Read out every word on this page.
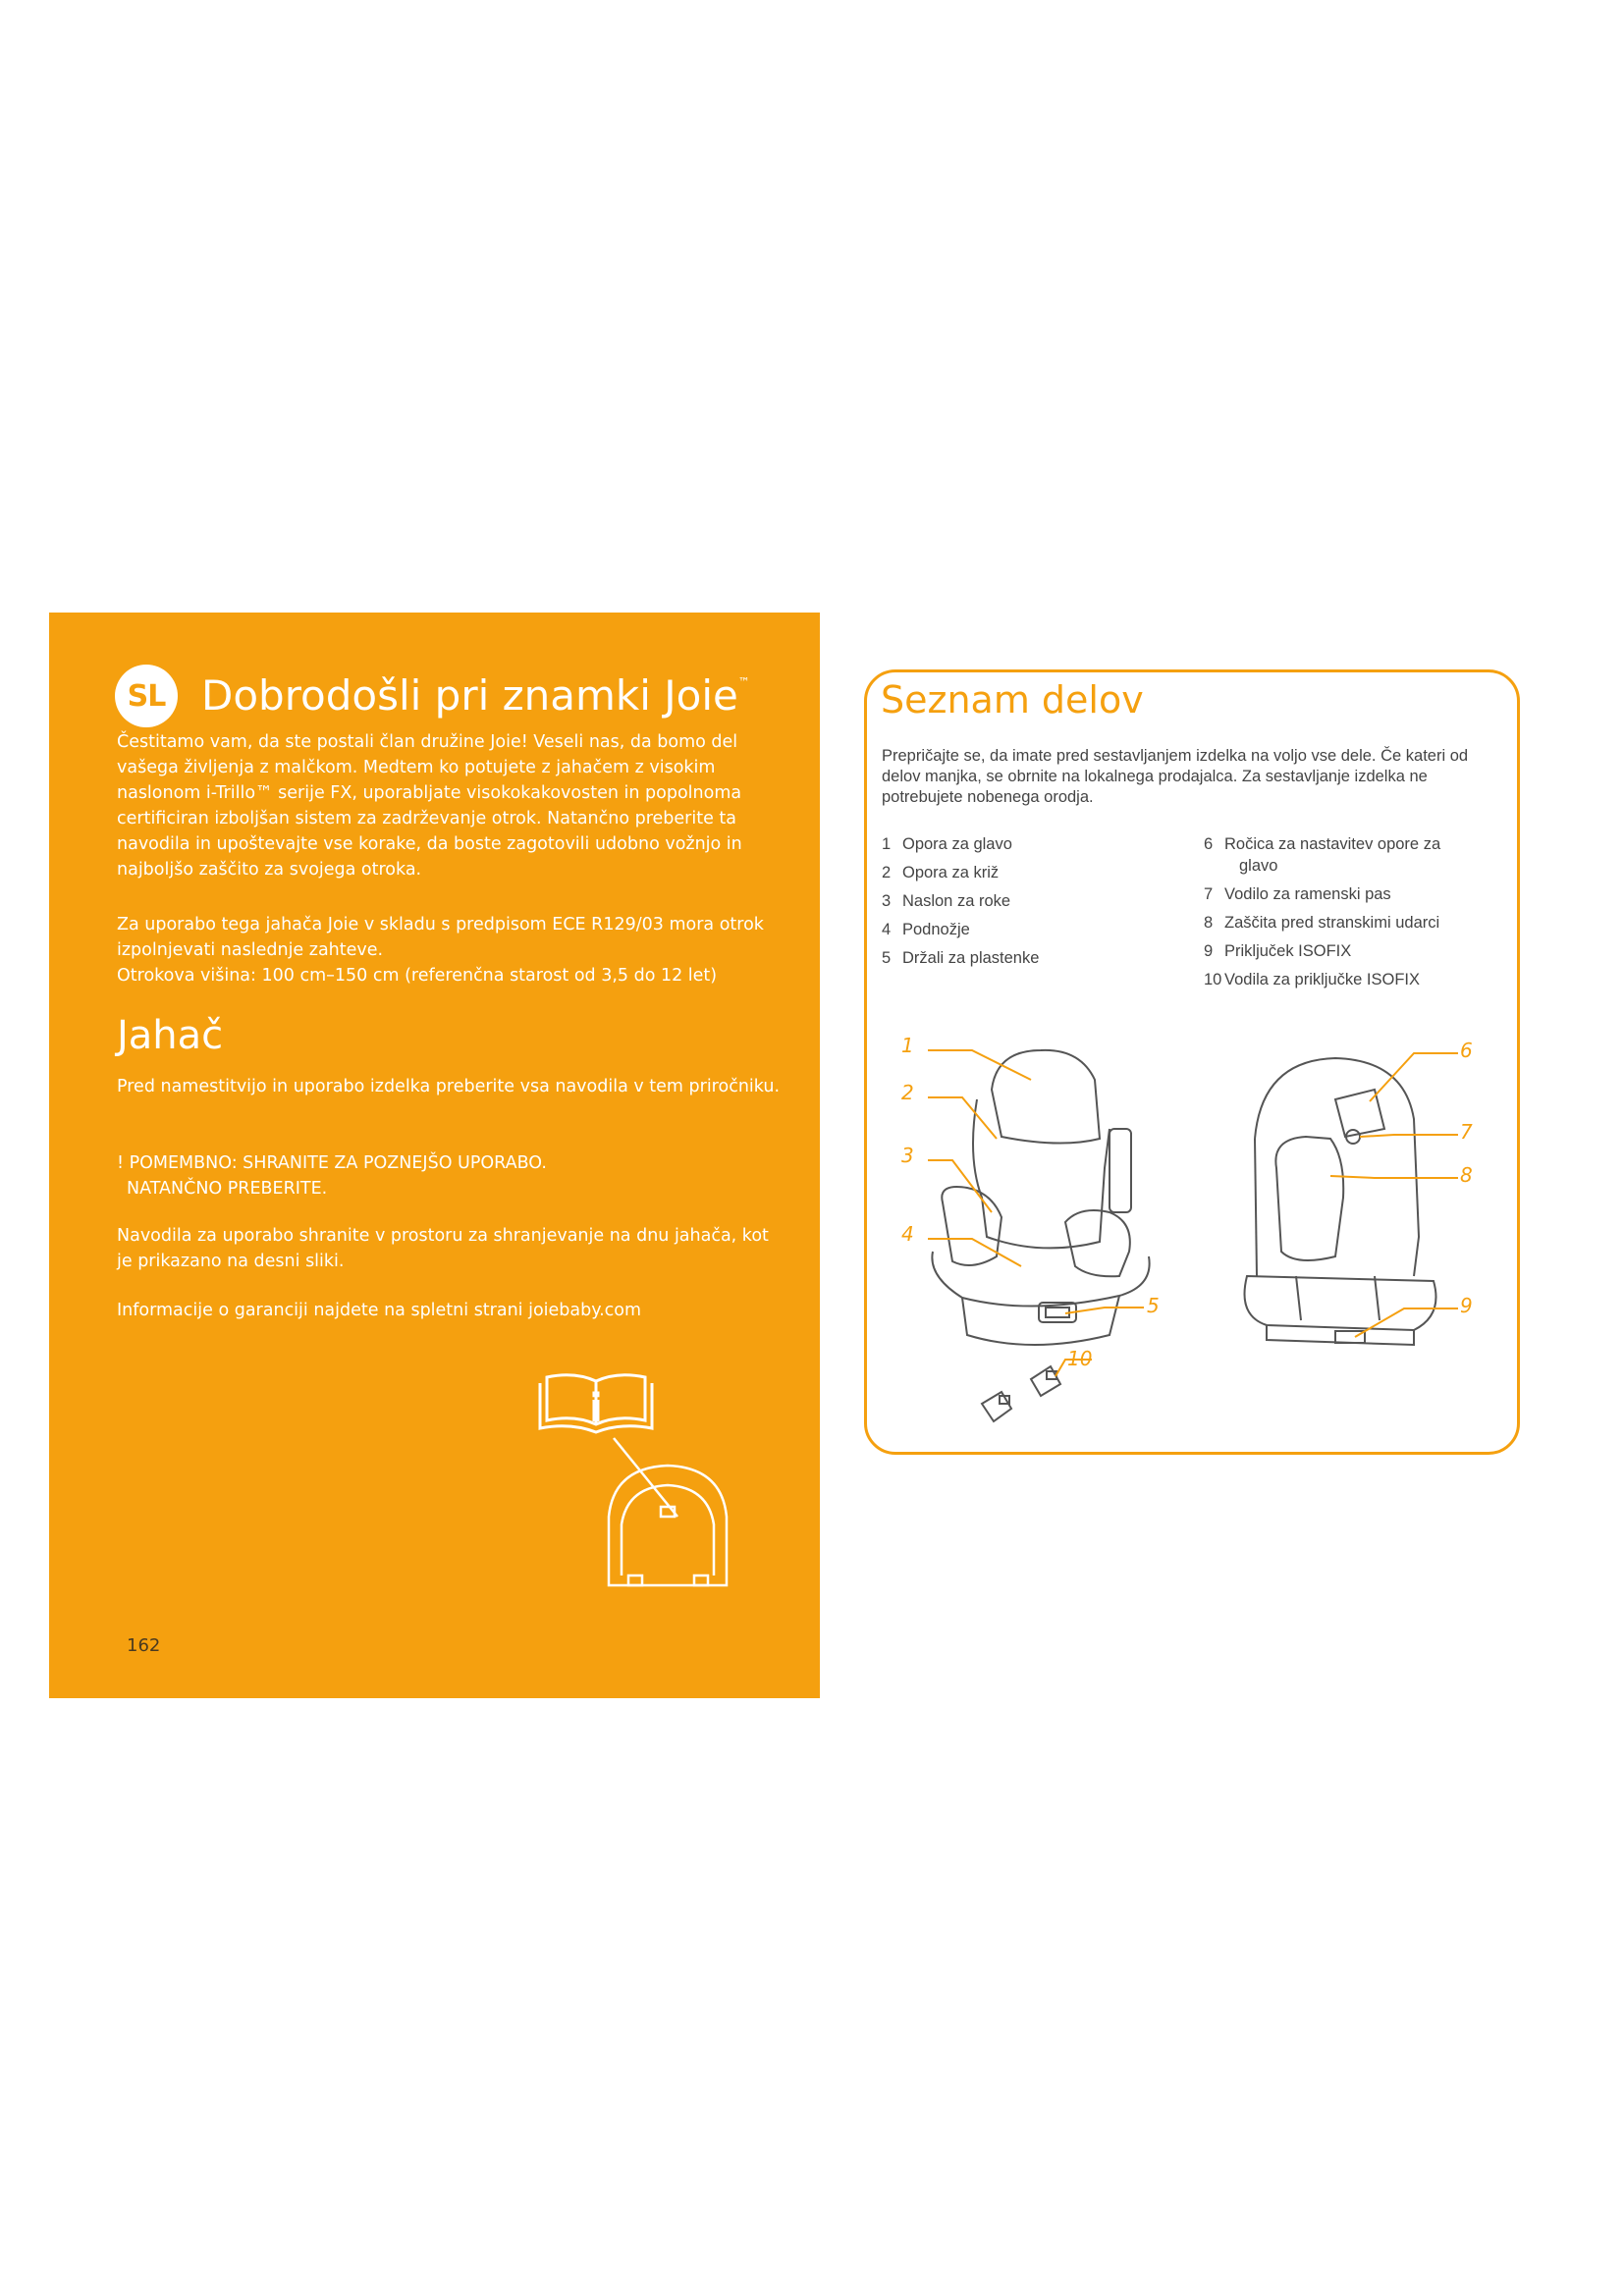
SL Dobrodošli pri znamki Joie™

Čestitamo vam, da ste postali član družine Joie! Veseli nas, da bomo del vašega življenja z malčkom. Medtem ko potujete z jahačem z visokim naslonom i-Trillo™ serije FX, uporabljate visokokakovosten in popolnoma certificiran izboljšan sistem za zadrževanje otrok. Natančno preberite ta navodila in upoštevajte vse korake, da boste zagotovili udobno vožnjo in najboljšo zaščito za svojega otroka.

Za uporabo tega jahača Joie v skladu s predpisom ECE R129/03 mora otrok izpolnjevati naslednje zahteve.

Otrokova višina: 100 cm–150 cm (referenčna starost od 3,5 do 12 let)

Jahač

Pred namestitvijo in uporabo izdelka preberite vsa navodila v tem priročniku.

! POMEMBNO: SHRANITE ZA POZNEJŠO UPORABO.

NATANČNO PREBERITE.

Navodila za uporabo shranite v prostoru za shranjevanje na dnu jahača, kot je prikazano na desni sliki.

Informacije o garanciji najdete na spletni strani joiebaby.com

i
162
Seznam delov

Prepričajte se, da imate pred sestavljanjem izdelka na voljo vse dele. Če kateri od delov manjka, se obrnite na lokalnega prodajalca. Za sestavljanje izdelka ne potrebujete nobenega orodja.

1 Opora za glavo
2 Opora za križ
3 Naslon za roke
4 Podnožje
5 Držali za plastenke
6 Ročica za nastavitev opore za
glavo
7 Vodilo za ramenski pas
8 Zaščita pred stranskimi udarci
9 Priključek ISOFIX
10 Vodila za priključke ISOFIX
1
2
3
4
5
6
7
8
9
10
